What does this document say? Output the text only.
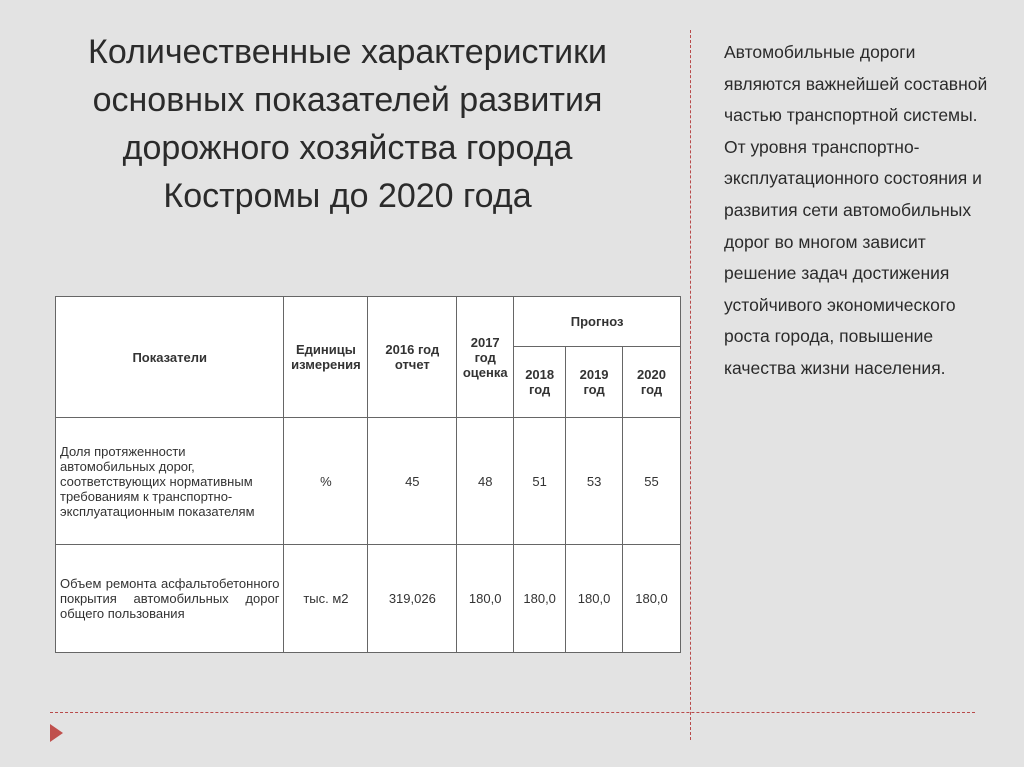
Количественные характеристики основных показателей развития дорожного хозяйства города Костромы до 2020 года
Автомобильные дороги являются важнейшей составной частью транспортной системы. От уровня транспортно-эксплуатационного состояния и развития сети автомобильных дорог во многом зависит решение задач достижения устойчивого экономического роста города, повышение качества жизни населения.
Показатели	Единицы измерения	2016 год отчет	2017 год оценка	Прогноз		
				2018 год	2019 год	2020 год
Доля протяженности автомобильных дорог, соответствующих нормативным требованиям к транспортно-эксплуатационным показателям	%	45	48	51	53	55
Объем ремонта асфальтобетонного покрытия автомобильных дорог общего пользования	тыс. м2	319,026	180,0	180,0	180,0	180,0
